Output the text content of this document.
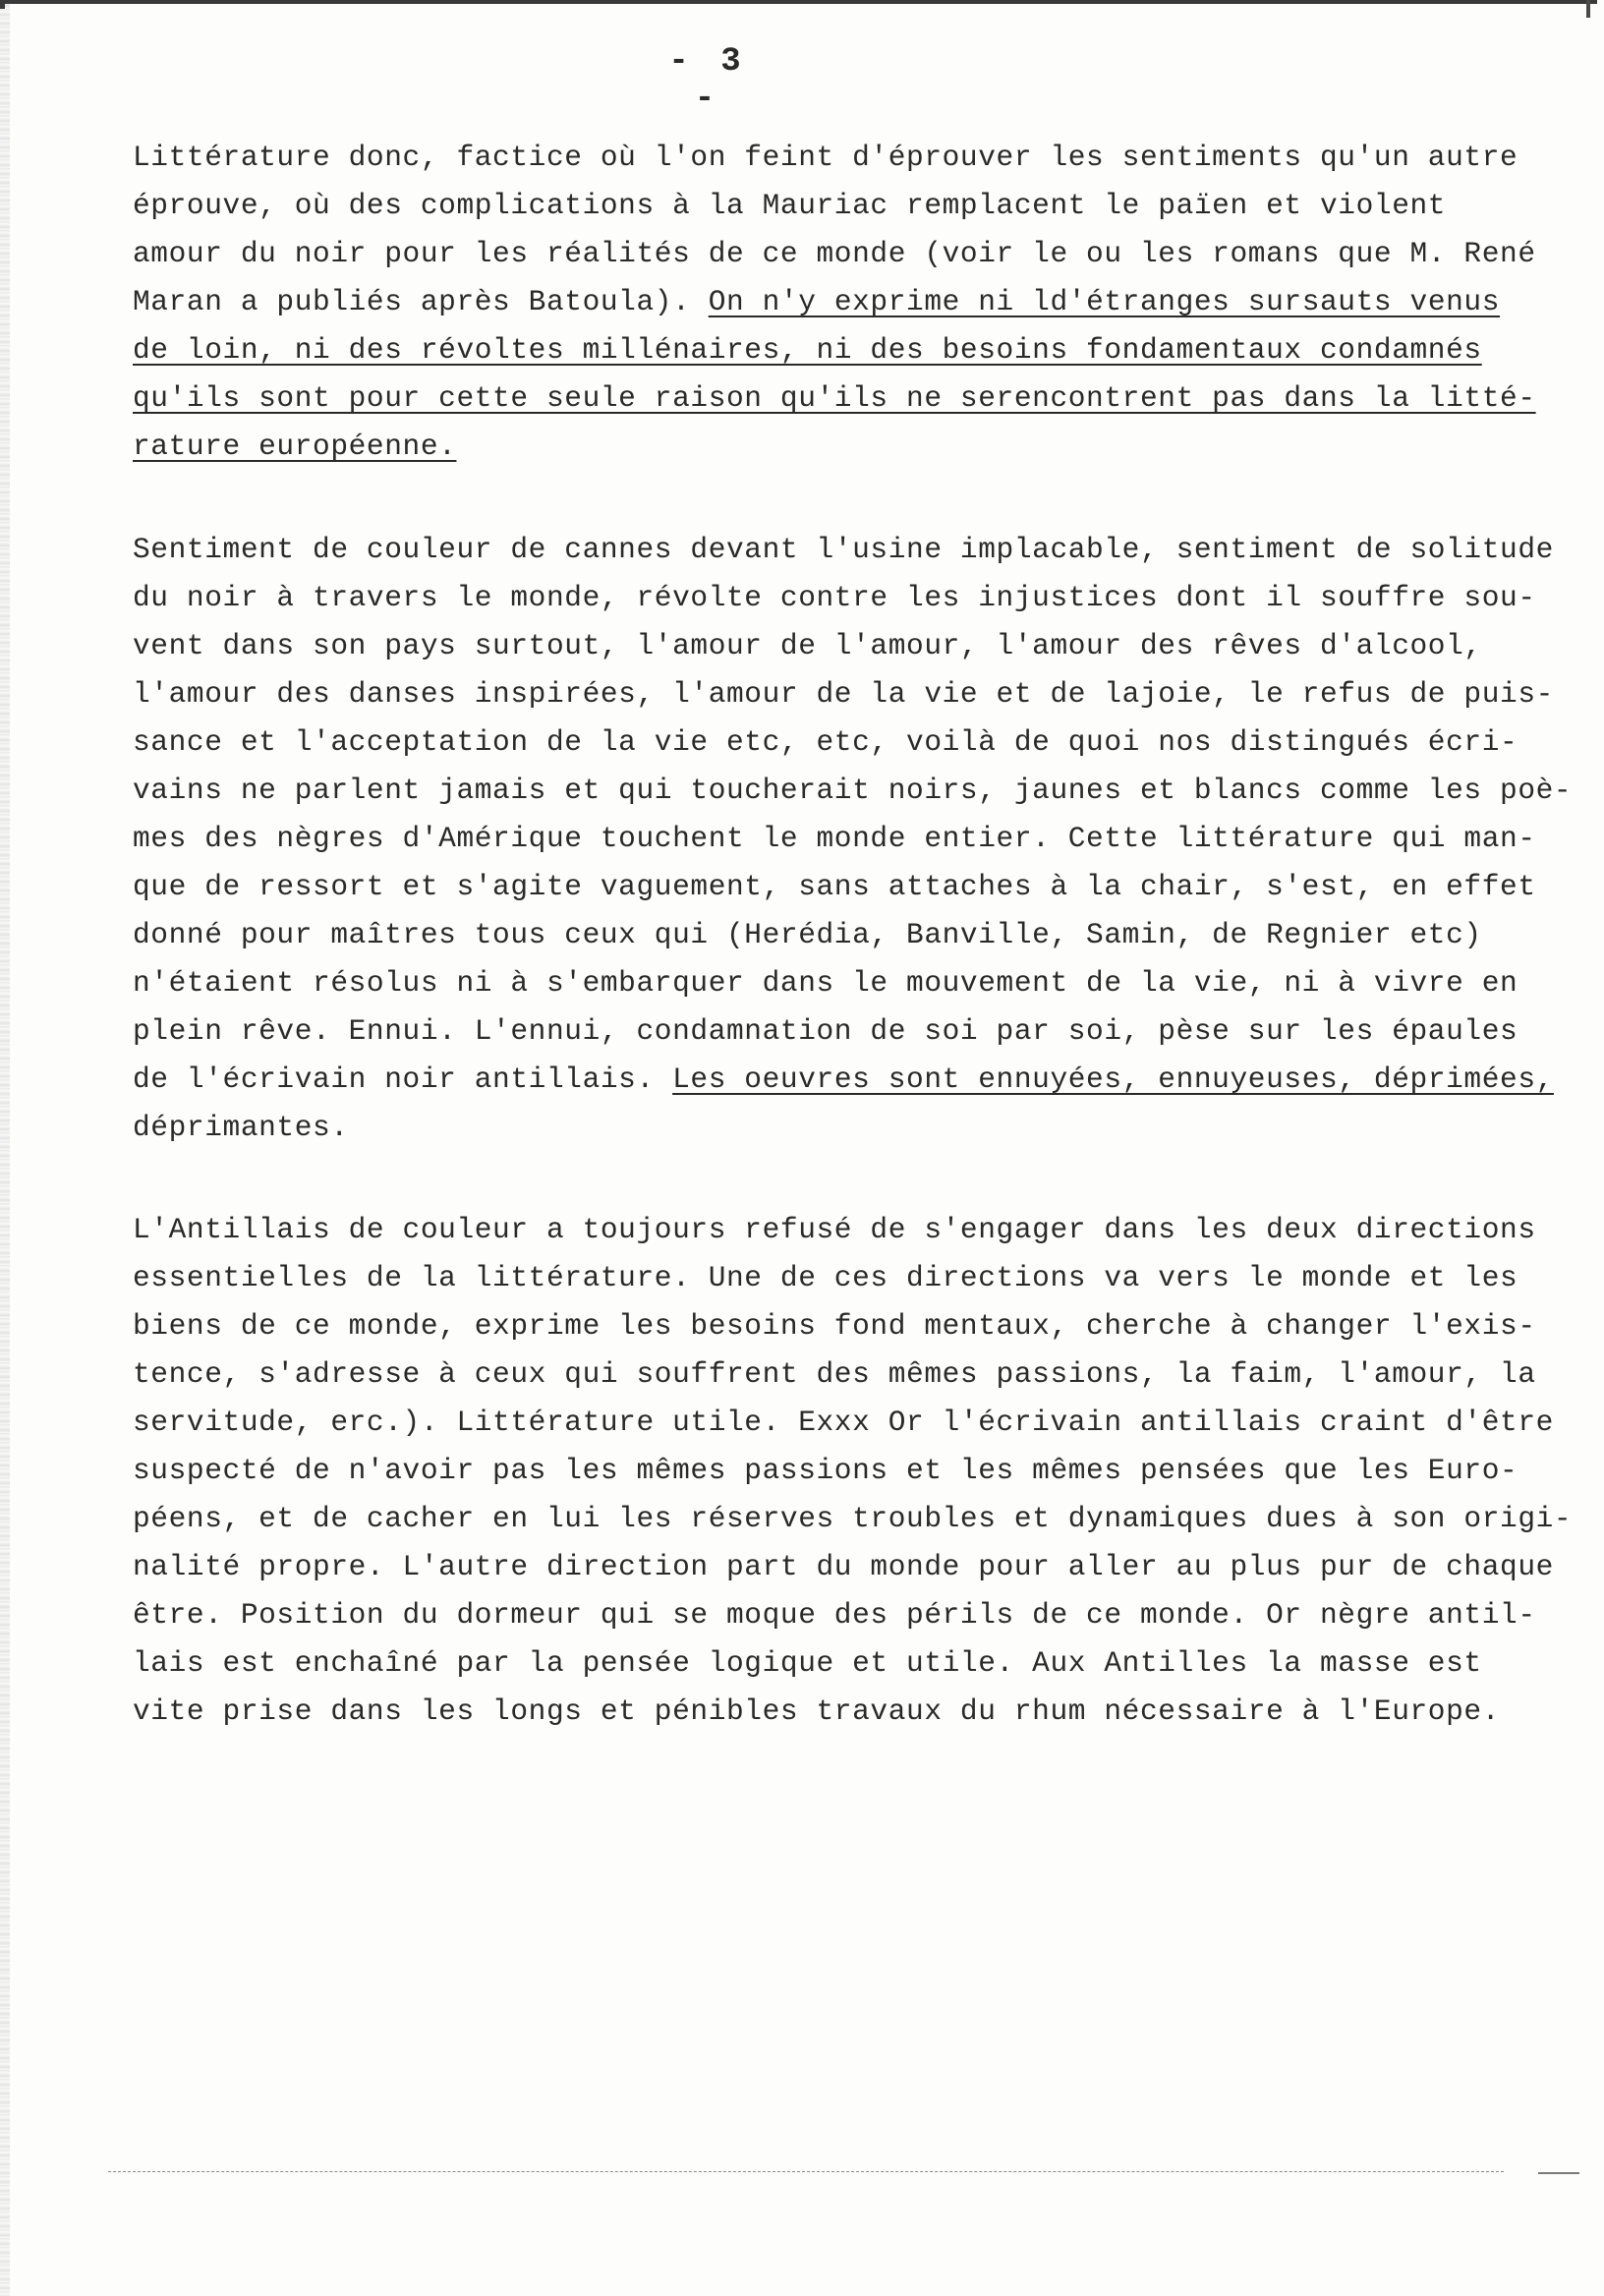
- 3 -
Littérature donc, factice où l'on feint d'éprouver les sentiments qu'un autre
éprouve, où des complications à la Mauriac remplacent le païen et violent
amour du noir pour les réalités de ce monde (voir le ou les romans que M. René
Maran a publiés après Batoula). On n'y exprime ni ld'étranges sursauts venus
de loin, ni des révoltes millénaires, ni des besoins fondamentaux condamnés
qu'ils sont pour cette seule raison qu'ils ne serencontrent pas dans la litté-
rature européenne.
Sentiment de couleur de cannes devant l'usine implacable, sentiment de solitude
du noir à travers le monde, révolte contre les injustices dont il souffre sou-
vent dans son pays surtout, l'amour de l'amour, l'amour des rêves d'alcool,
l'amour des danses inspirées, l'amour de la vie et de lajoie, le refus de puis-
sance et l'acceptation de la vie etc, etc, voilà de quoi nos distingués écri-
vains ne parlent jamais et qui toucherait noirs, jaunes et blancs comme les poè-
mes des nègres d'Amérique touchent le monde entier. Cette littérature qui man-
que de ressort et s'agite vaguement, sans attaches à la chair, s'est, en effet
donné pour maîtres tous ceux qui (Herédia, Banville, Samin, de Regnier etc)
n'étaient résolus ni à s'embarquer dans le mouvement de la vie, ni à vivre en
plein rêve. Ennui. L'ennui, condamnation de soi par soi, pèse sur les épaules
de l'écrivain noir antillais. Les oeuvres sont ennuyées, ennuyeuses, déprimées,
déprimantes.
L'Antillais de couleur a toujours refusé de s'engager dans les deux directions
essentielles de la littérature. Une de ces directions va vers le monde et les
biens de ce monde, exprime les besoins fond mentaux, cherche à changer l'exis-
tence, s'adresse à ceux qui souffrent des mêmes passions, la faim, l'amour, la
servitude, erc.). Littérature utile. Exxx Or l'écrivain antillais craint d'être
suspecté de n'avoir pas les mêmes passions et les mêmes pensées que les Euro-
péens, et de cacher en lui les réserves troubles et dynamiques dues à son origi-
nalité propre. L'autre direction part du monde pour aller au plus pur de chaque
être. Position du dormeur qui se moque des périls de ce monde. Or nègre antil-
lais est enchaîné par la pensée logique et utile. Aux Antilles la masse est
vite prise dans les longs et pénibles travaux du rhum nécessaire à l'Europe.
